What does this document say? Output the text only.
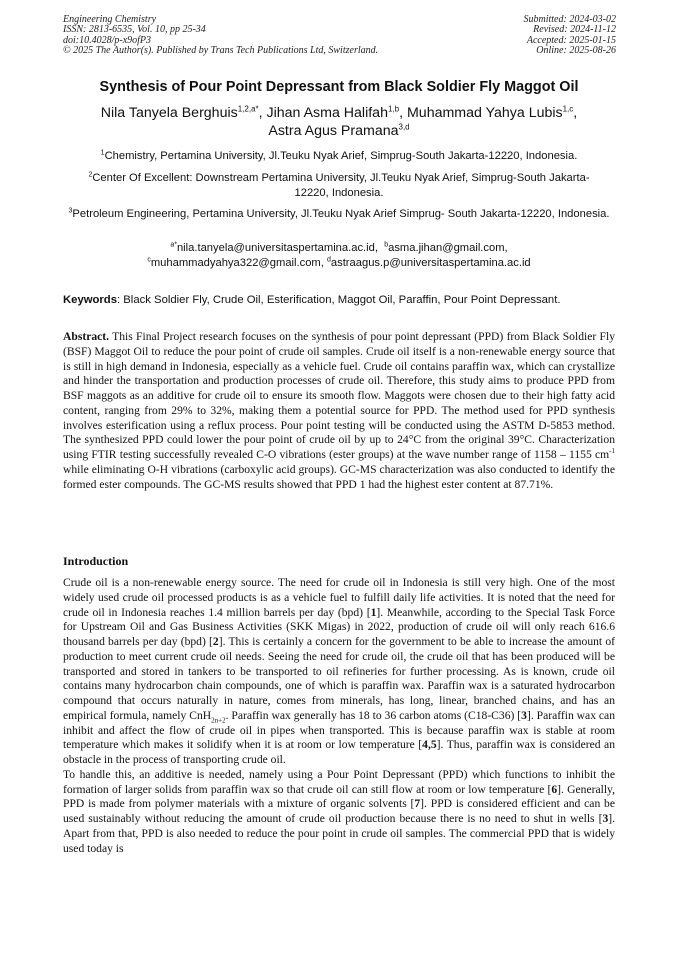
Engineering Chemistry
ISSN: 2813-6535, Vol. 10, pp 25-34
doi:10.4028/p-x9ofP3
© 2025 The Author(s). Published by Trans Tech Publications Ltd, Switzerland.
Submitted: 2024-03-02
Revised: 2024-11-12
Accepted: 2025-01-15
Online: 2025-08-26
Synthesis of Pour Point Depressant from Black Soldier Fly Maggot Oil
Nila Tanyela Berghuis$^{1,2,a*}$, Jihan Asma Halifah$^{1,b}$, Muhammad Yahya Lubis$^{1,c}$,
Astra Agus Pramana$^{3,d}$
$^1$Chemistry, Pertamina University, Jl.Teuku Nyak Arief, Simprug-South Jakarta-12220, Indonesia.
$^2$Center Of Excellent: Downstream Pertamina University, Jl.Teuku Nyak Arief, Simprug-South Jakarta-12220, Indonesia.
$^3$Petroleum Engineering, Pertamina University, Jl.Teuku Nyak Arief Simprug- South Jakarta-12220, Indonesia.
$^{a*}$nila.tanyela@universitaspertamina.ac.id, $^b$asma.jihan@gmail.com,
$^c$muhammadyahya322@gmail.com, $^d$astraagus.p@universitaspertamina.ac.id
Keywords: Black Soldier Fly, Crude Oil, Esterification, Maggot Oil, Paraffin, Pour Point Depressant.
Abstract. This Final Project research focuses on the synthesis of pour point depressant (PPD) from Black Soldier Fly (BSF) Maggot Oil to reduce the pour point of crude oil samples. Crude oil itself is a non-renewable energy source that is still in high demand in Indonesia, especially as a vehicle fuel. Crude oil contains paraffin wax, which can crystallize and hinder the transportation and production processes of crude oil. Therefore, this study aims to produce PPD from BSF maggots as an additive for crude oil to ensure its smooth flow. Maggots were chosen due to their high fatty acid content, ranging from 29% to 32%, making them a potential source for PPD. The method used for PPD synthesis involves esterification using a reflux process. Pour point testing will be conducted using the ASTM D-5853 method. The synthesized PPD could lower the pour point of crude oil by up to 24°C from the original 39°C. Characterization using FTIR testing successfully revealed C-O vibrations (ester groups) at the wave number range of 1158 – 1155 $cm^{-1}$ while eliminating O-H vibrations (carboxylic acid groups). GC-MS characterization was also conducted to identify the formed ester compounds. The GC-MS results showed that PPD 1 had the highest ester content at 87.71%.
Introduction

Crude oil is a non-renewable energy source. The need for crude oil in Indonesia is still very high. One of the most widely used crude oil processed products is as a vehicle fuel to fulfill daily life activities. It is noted that the need for crude oil in Indonesia reaches 1.4 million barrels per day (bpd) [1]. Meanwhile, according to the Special Task Force for Upstream Oil and Gas Business Activities (SKK Migas) in 2022, production of crude oil will only reach 616.6 thousand barrels per day (bpd) [2]. This is certainly a concern for the government to be able to increase the amount of production to meet current crude oil needs. Seeing the need for crude oil, the crude oil that has been produced will be transported and stored in tankers to be transported to oil refineries for further processing. As is known, crude oil contains many hydrocarbon chain compounds, one of which is paraffin wax. Paraffin wax is a saturated hydrocarbon compound that occurs naturally in nature, comes from minerals, has long, linear, branched chains, and has an empirical formula, namely CnH$_{2n+2}$. Paraffin wax generally has 18 to 36 carbon atoms (C18-C36) [3]. Paraffin wax can inhibit and affect the flow of crude oil in pipes when transported. This is because paraffin wax is stable at room temperature which makes it solidify when it is at room or low temperature [4,5]. Thus, paraffin wax is considered an obstacle in the process of transporting crude oil.

To handle this, an additive is needed, namely using a Pour Point Depressant (PPD) which functions to inhibit the formation of larger solids from paraffin wax so that crude oil can still flow at room or low temperature [6]. Generally, PPD is made from polymer materials with a mixture of organic solvents [7]. PPD is considered efficient and can be used sustainably without reducing the amount of crude oil production because there is no need to shut in wells [3]. Apart from that, PPD is also needed to reduce the pour point in crude oil samples. The commercial PPD that is widely used today is
